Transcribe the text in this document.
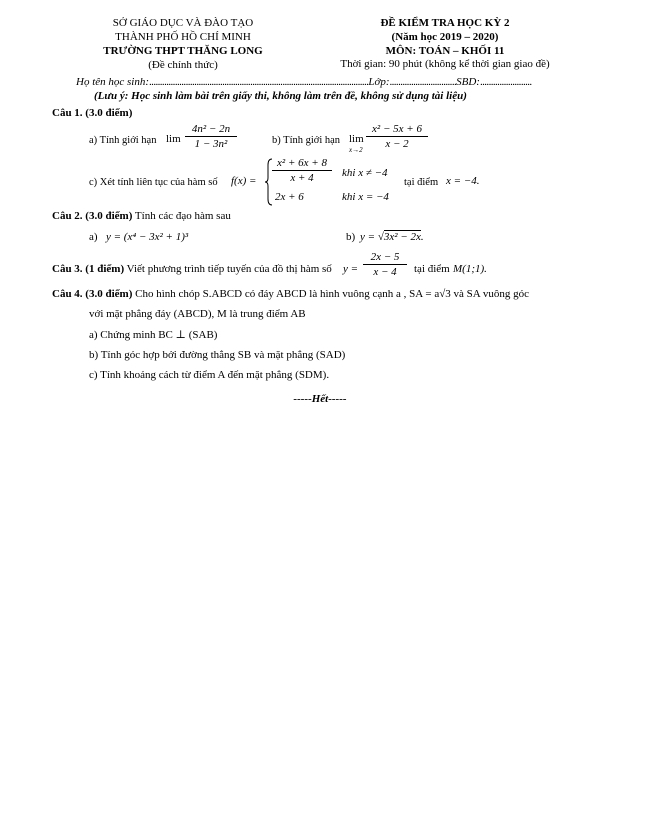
SỞ GIÁO DỤC VÀ ĐÀO TẠO
THÀNH PHỐ HỒ CHÍ MINH
TRƯỜNG THPT THĂNG LONG
(Đề chính thức)
ĐỀ KIỂM TRA HỌC KỲ 2
(Năm học 2019 – 2020)
MÔN: TOÁN – KHỐI 11
Thời gian: 90 phút (không kể thời gian giao đề)
Họ tên học sinh:......................................................................................................Lớp:...............................SBD:........................
(Lưu ý: Học sinh làm bài trên giấy thi, không làm trên đề, không sử dụng tài liệu)
Câu 1. (3.0 điểm)
a) Tính giới hạn $\lim \frac{\text{4n² − 2n}}{\text{1 − 3n²}}$	b) Tính giới hạn lim
$x\to 2 \frac{\text{x² − 5x + 6}}{x - 2}$
c) Xét tính liên tục của hàm số $f(x) = \frac{\text{x² + 6x + 8}}{x + 4}$ khi x ≠ −4
2x + 6	khi x = −4
tại điểm x = −4.
Câu 2. (3.0 điểm) Tính các đạo hàm sau
a) y = (x⁴ − 3x² + 1)³	b) y = √3x² − 2x.
Câu 3. (1 điểm) Viết phương trình tiếp tuyến của đồ thị hàm số $y = \frac{2x - 5}{x - 4}$ tại điểm M(1;1).
Câu 4. (3.0 điểm) Cho hình chóp S.ABCD có đáy ABCD là hình vuông cạnh a , SA = a√3 và SA vuông góc
với mặt phẳng đáy (ABCD), M là trung điểm AB
a) Chứng minh BC ⊥ (SAB)
b) Tính góc hợp bởi đường thẳng SB và mặt phẳng (SAD)
c) Tính khoảng cách từ điểm A đến mặt phẳng (SDM).
-----Hết-----
